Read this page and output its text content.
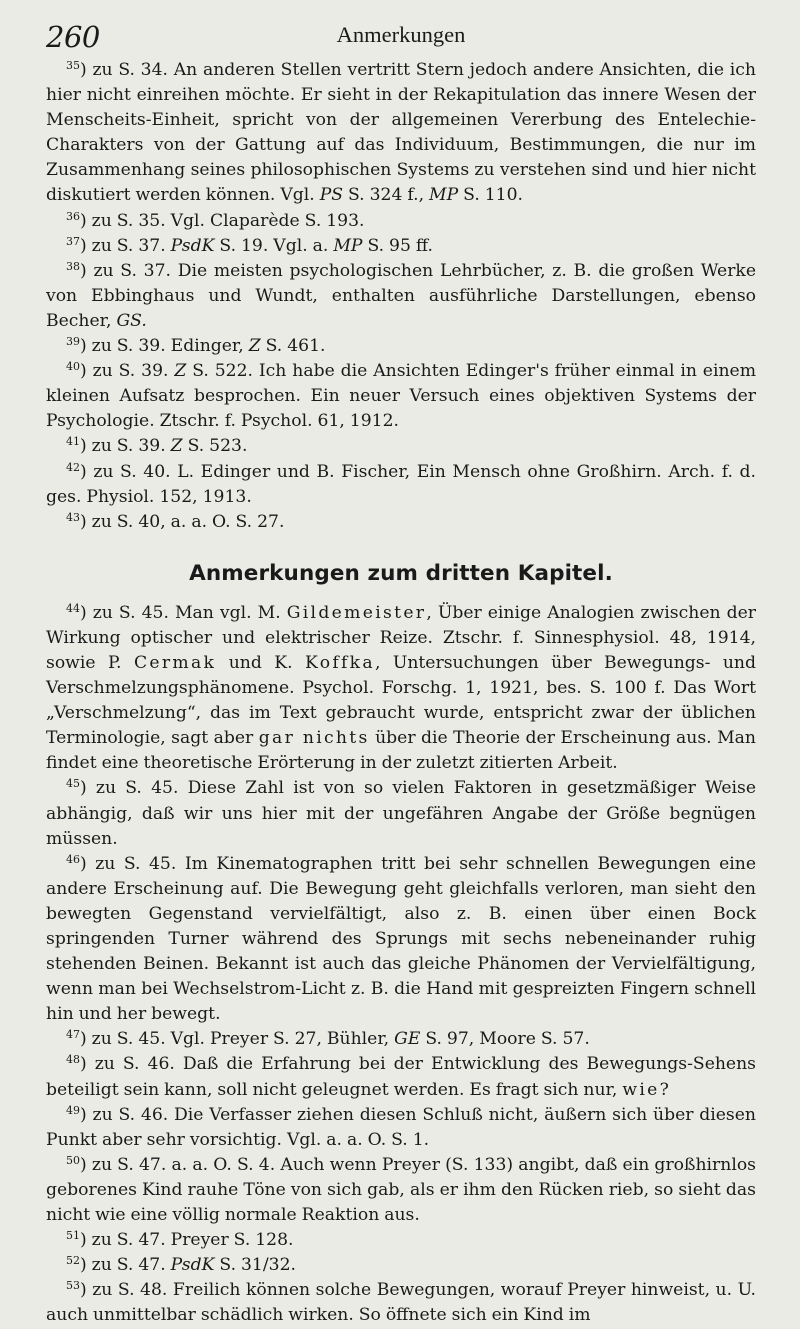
260	Anmerkungen

$^{35}$) zu S. 34. An anderen Stellen vertritt Stern jedoch andere Ansichten, die ich hier nicht einreihen möchte. Er sieht in der Rekapitulation das innere Wesen der Menscheits-Einheit, spricht von der allgemeinen Vererbung des Entelechie-Charakters von der Gattung auf das Individuum, Bestimmungen, die nur im Zusammenhang seines philosophischen Systems zu verstehen sind und hier nicht diskutiert werden können. Vgl. PS S. 324 f., MP S. 110.

$^{36}$) zu S. 35. Vgl. Claparède S. 193.

$^{37}$) zu S. 37. PsdK S. 19. Vgl. a. MP S. 95 ff.

$^{38}$) zu S. 37. Die meisten psychologischen Lehrbücher, z. B. die großen Werke von Ebbinghaus und Wundt, enthalten ausführliche Darstellungen, ebenso Becher, GS.

$^{39}$) zu S. 39. Edinger, Z S. 461.

$^{40}$) zu S. 39. Z S. 522. Ich habe die Ansichten Edinger's früher einmal in einem kleinen Aufsatz besprochen. Ein neuer Versuch eines objektiven Systems der Psychologie. Ztschr. f. Psychol. 61, 1912.

$^{41}$) zu S. 39. Z S. 523.

$^{42}$) zu S. 40. L. Edinger und B. Fischer, Ein Mensch ohne Großhirn. Arch. f. d. ges. Physiol. 152, 1913.

$^{43}$) zu S. 40, a. a. O. S. 27.

Anmerkungen zum dritten Kapitel.

$^{44}$) zu S. 45. Man vgl. M. Gildemeister, Über einige Analogien zwischen der Wirkung optischer und elektrischer Reize. Ztschr. f. Sinnesphysiol. 48, 1914, sowie P. Cermak und K. Koffka, Untersuchungen über Bewegungs- und Verschmelzungsphänomene. Psychol. Forschg. 1, 1921, bes. S. 100 f. Das Wort „Verschmelzung“, das im Text gebraucht wurde, entspricht zwar der üblichen Terminologie, sagt aber gar nichts über die Theorie der Erscheinung aus. Man findet eine theoretische Erörterung in der zuletzt zitierten Arbeit.

$^{45}$) zu S. 45. Diese Zahl ist von so vielen Faktoren in gesetzmäßiger Weise abhängig, daß wir uns hier mit der ungefähren Angabe der Größe begnügen müssen.

$^{46}$) zu S. 45. Im Kinematographen tritt bei sehr schnellen Bewegungen eine andere Erscheinung auf. Die Bewegung geht gleichfalls verloren, man sieht den bewegten Gegenstand vervielfältigt, also z. B. einen über einen Bock springenden Turner während des Sprungs mit sechs nebeneinander ruhig stehenden Beinen. Bekannt ist auch das gleiche Phänomen der Vervielfältigung, wenn man bei Wechselstrom-Licht z. B. die Hand mit gespreizten Fingern schnell hin und her bewegt.

$^{47}$) zu S. 45. Vgl. Preyer S. 27, Bühler, GE S. 97, Moore S. 57.

$^{48}$) zu S. 46. Daß die Erfahrung bei der Entwicklung des Bewegungs-Sehens beteiligt sein kann, soll nicht geleugnet werden. Es fragt sich nur, wie?

$^{49}$) zu S. 46. Die Verfasser ziehen diesen Schluß nicht, äußern sich über diesen Punkt aber sehr vorsichtig. Vgl. a. a. O. S. 1.

$^{50}$) zu S. 47. a. a. O. S. 4. Auch wenn Preyer (S. 133) angibt, daß ein großhirnlos geborenes Kind rauhe Töne von sich gab, als er ihm den Rücken rieb, so sieht das nicht wie eine völlig normale Reaktion aus.

$^{51}$) zu S. 47. Preyer S. 128.

$^{52}$) zu S. 47. PsdK S. 31/32.

$^{53}$) zu S. 48. Freilich können solche Bewegungen, worauf Preyer hinweist, u. U. auch unmittelbar schädlich wirken. So öffnete sich ein Kind im
